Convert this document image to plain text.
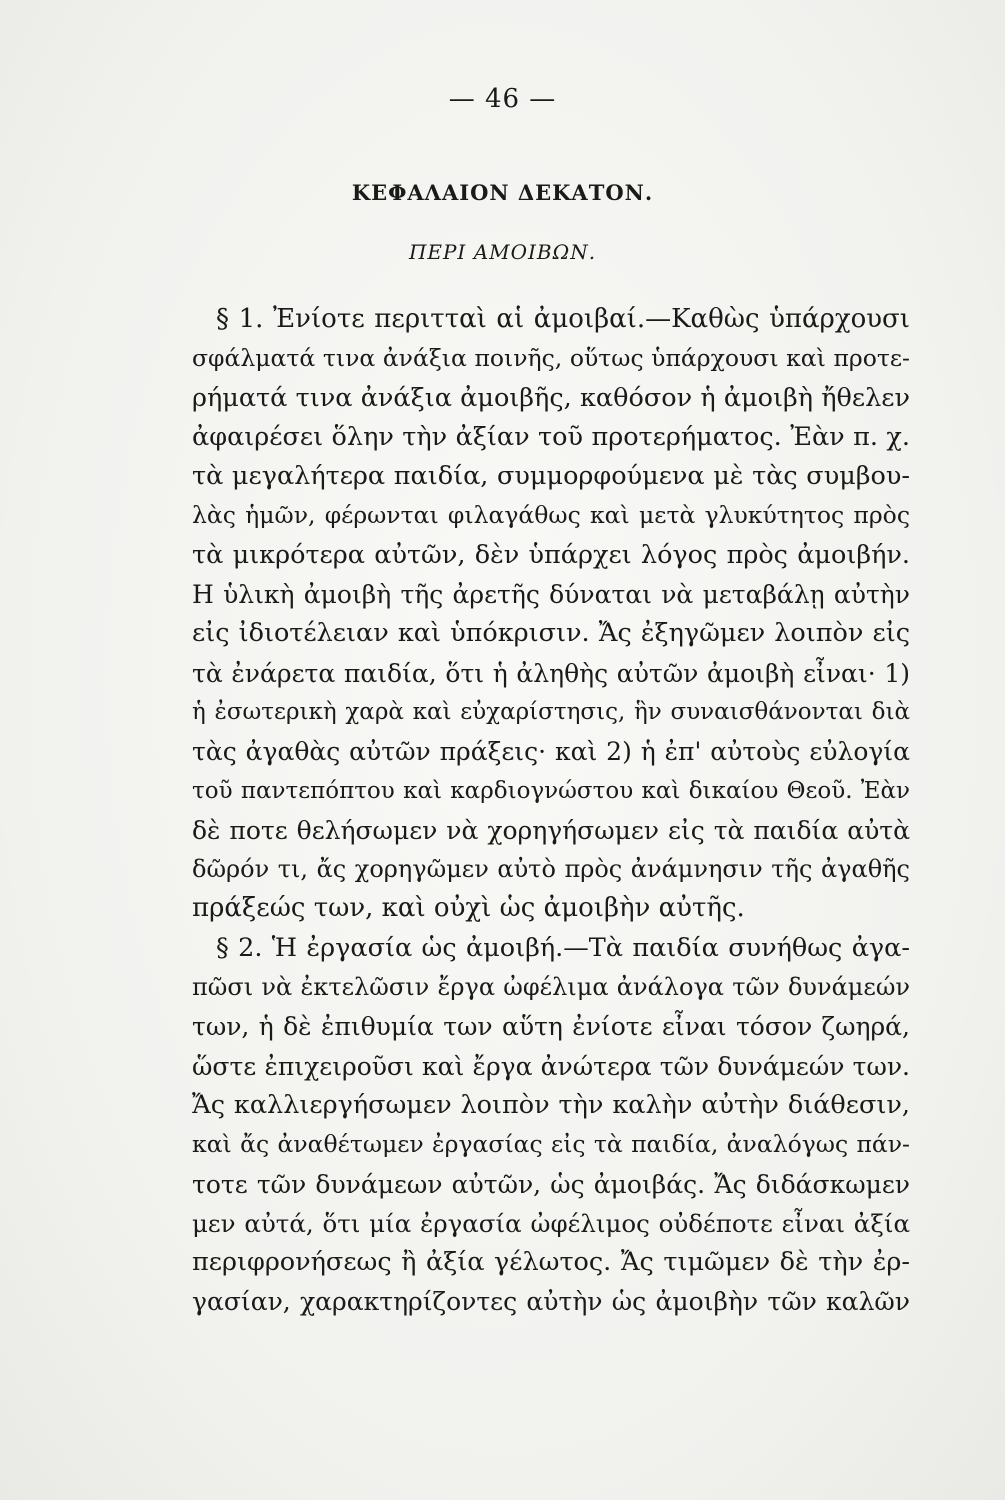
— 46 —
ΚΕΦΑΛΑΙΟΝ ΔΕΚΑΤΟΝ.
ΠΕΡΙ ΑΜΟΙΒΩΝ.
§ 1. Ἐνίοτε περιτταὶ αἱ ἀμοιβαί.—Καθὼς ὑπάρχουσι
σφάλματά τινα ἀνάξια ποινῆς, οὕτως ὑπάρχουσι καὶ προτε-
ρήματά τινα ἀνάξια ἀμοιβῆς, καθόσον ἡ ἀμοιβὴ ἤθελεν
ἀφαιρέσει ὅλην τὴν ἀξίαν τοῦ προτερήματος. Ἐὰν π. χ.
τὰ μεγαλήτερα παιδία, συμμορφούμενα μὲ τὰς συμβου-
λὰς ἡμῶν, φέρωνται φιλαγάθως καὶ μετὰ γλυκύτητος πρὸς
τὰ μικρότερα αὐτῶν, δὲν ὑπάρχει λόγος πρὸς ἀμοιβήν.
Η ὑλικὴ ἀμοιβὴ τῆς ἀρετῆς δύναται νὰ μεταβάλῃ αὐτὴν
εἰς ἰδιοτέλειαν καὶ ὑπόκρισιν. Ἄς ἐξηγῶμεν λοιπὸν εἰς
τὰ ἐνάρετα παιδία, ὅτι ἡ ἀληθὴς αὐτῶν ἀμοιβὴ εἶναι· 1)
ἡ ἐσωτερικὴ χαρὰ καὶ εὐχαρίστησις, ἣν συναισθάνονται διὰ
τὰς ἀγαθὰς αὐτῶν πράξεις· καὶ 2) ἡ ἐπ' αὐτοὺς εὐλογία
τοῦ παντεπόπτου καὶ καρδιογνώστου καὶ δικαίου Θεοῦ. Ἐὰν
δὲ ποτε θελήσωμεν νὰ χορηγήσωμεν εἰς τὰ παιδία αὐτὰ
δῶρόν τι, ἄς χορηγῶμεν αὐτὸ πρὸς ἀνάμνησιν τῆς ἀγαθῆς
πράξεώς των, καὶ οὐχὶ ὡς ἀμοιβὴν αὐτῆς.
§ 2. Ἡ ἐργασία ὡς ἀμοιβή.—Τὰ παιδία συνήθως ἀγα-
πῶσι νὰ ἐκτελῶσιν ἔργα ὠφέλιμα ἀνάλογα τῶν δυνάμεών
των, ἡ δὲ ἐπιθυμία των αὕτη ἐνίοτε εἶναι τόσον ζωηρά,
ὥστε ἐπιχειροῦσι καὶ ἔργα ἀνώτερα τῶν δυνάμεών των.
Ἄς καλλιεργήσωμεν λοιπὸν τὴν καλὴν αὐτὴν διάθεσιν,
καὶ ἄς ἀναθέτωμεν ἐργασίας εἰς τὰ παιδία, ἀναλόγως πάν-
τοτε τῶν δυνάμεων αὐτῶν, ὡς ἀμοιβάς. Ἄς διδάσκωμεν
μεν αὐτά, ὅτι μία ἐργασία ὠφέλιμος οὐδέποτε εἶναι ἀξία
περιφρονήσεως ἢ ἀξία γέλωτος. Ἄς τιμῶμεν δὲ τὴν ἐρ-
γασίαν, χαρακτηρίζοντες αὐτὴν ὡς ἀμοιβὴν τῶν καλῶν
